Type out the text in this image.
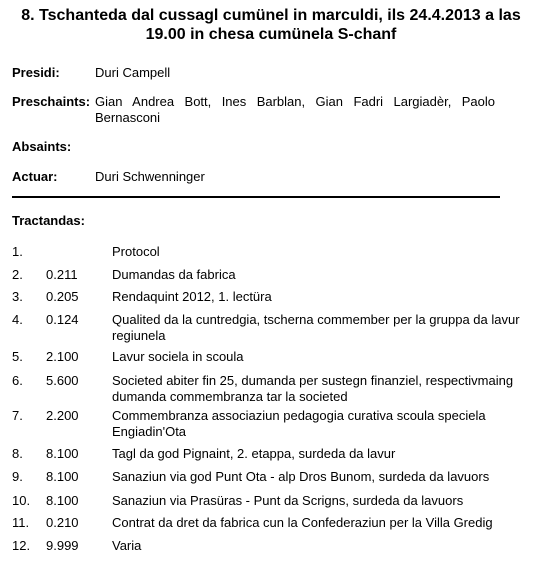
8. Tschanteda dal cussagl cumünel in marculdi, ils 24.4.2013 a las
19.00 in chesa cumünela S-chanf
Presidi:	Duri Campell
Preschaints: Gian Andrea Bott, Ines Barblan, Gian Fadri Largiadèr, Paolo Bernasconi
Absaints:
Actuar:	Duri Schwenninger
Tractandas:
1.	Protocol
2. 0.211	Dumandas da fabrica
3. 0.205	Rendaquint 2012, 1. lectüra
4. 0.124	Qualited da la cuntredgia, tscherna commember per la gruppa da lavur regiunela
5. 2.100	Lavur sociela in scoula
6. 5.600	Societed abiter fin 25, dumanda per sustegn finanziel, respectivmaing dumanda commembranza tar la societed
7. 2.200	Commembranza associaziun pedagogia curativa scoula speciela Engiadin'Ota
8. 8.100	Tagl da god Pignaint, 2. etappa, surdeda da lavur
9. 8.100	Sanaziun via god Punt Ota - alp Dros Bunom, surdeda da lavuors
10. 8.100	Sanaziun via Prasüras - Punt da Scrigns, surdeda da lavuors
11. 0.210	Contrat da dret da fabrica cun la Confederaziun per la Villa Gredig
12. 9.999	Varia
